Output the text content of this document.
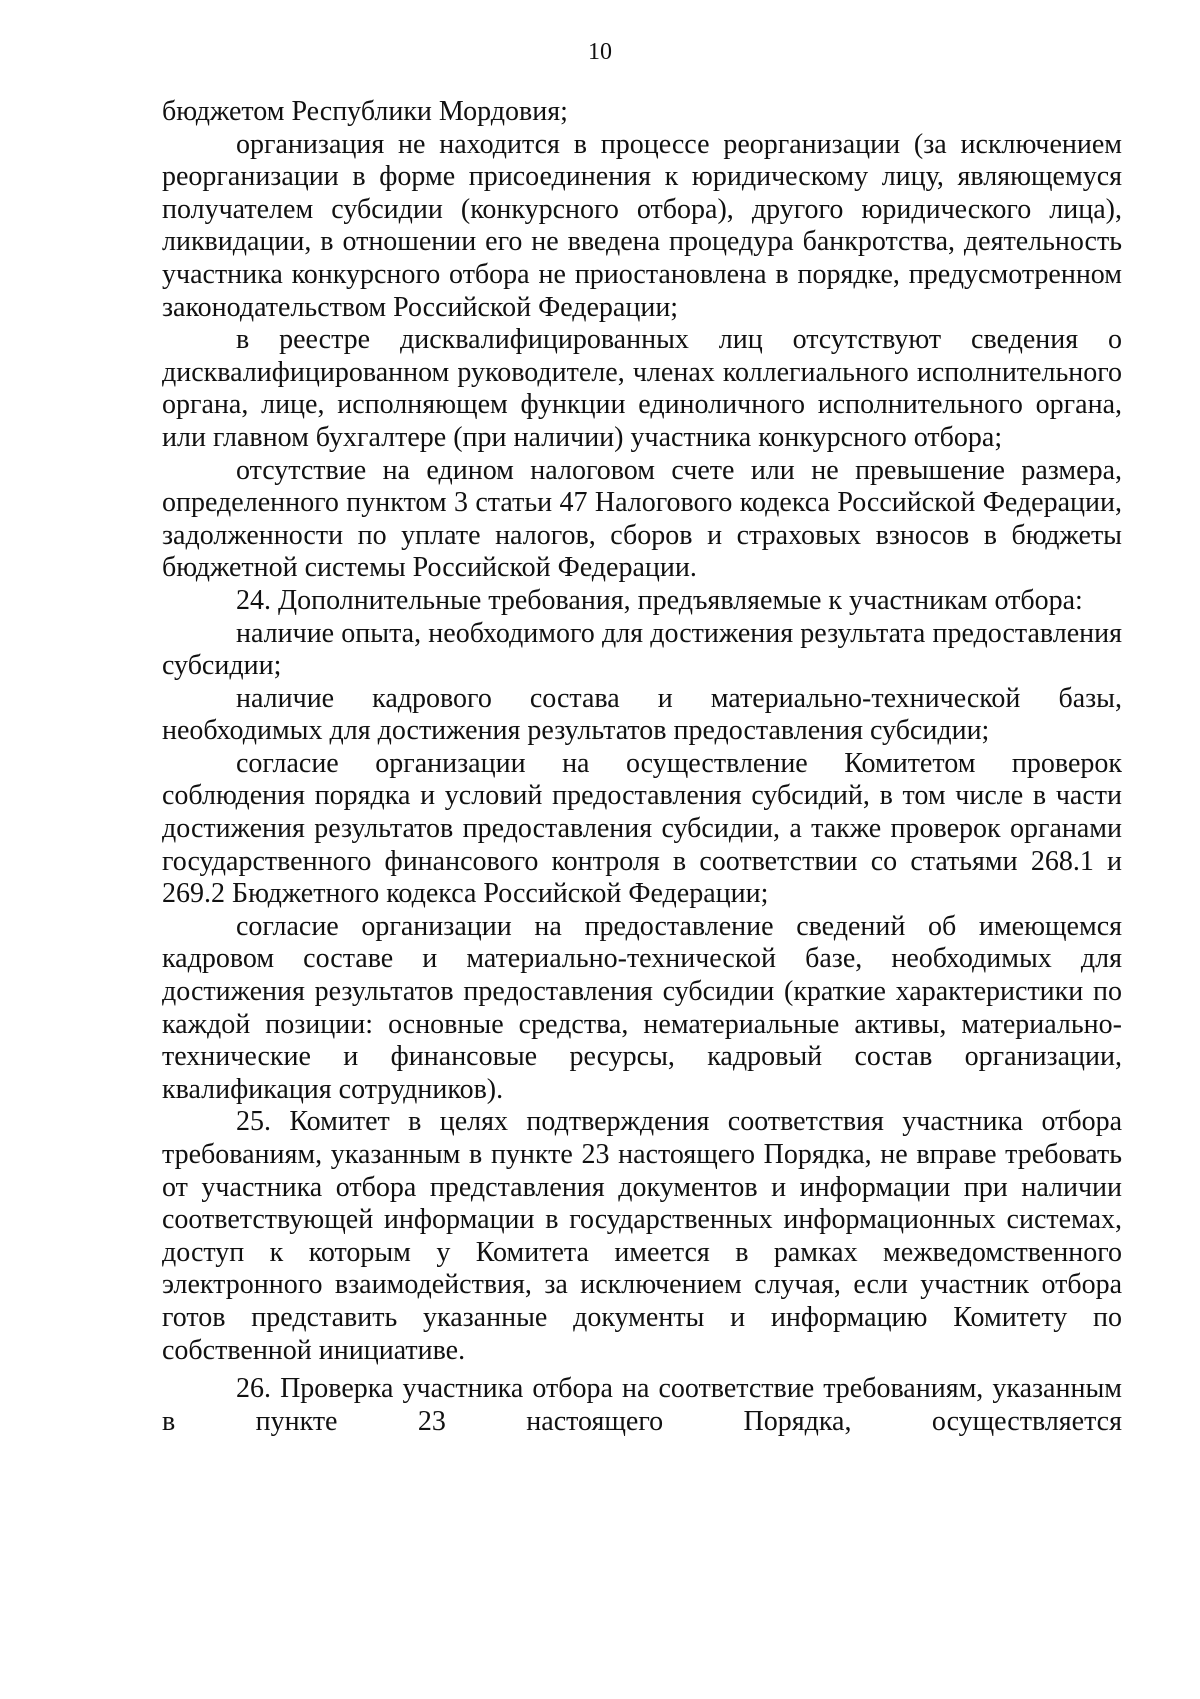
10

бюджетом Республики Мордовия;

организация не находится в процессе реорганизации (за исключением реорганизации в форме присоединения к юридическому лицу, являющемуся получателем субсидии (конкурсного отбора), другого юридического лица), ликвидации, в отношении его не введена процедура банкротства, деятельность участника конкурсного отбора не приостановлена в порядке, предусмотренном законодательством Российской Федерации;

в реестре дисквалифицированных лиц отсутствуют сведения о дисквалифицированном руководителе, членах коллегиального исполнительного органа, лице, исполняющем функции единоличного исполнительного органа, или главном бухгалтере (при наличии) участника конкурсного отбора;

отсутствие на едином налоговом счете или не превышение размера, определенного пунктом 3 статьи 47 Налогового кодекса Российской Федерации, задолженности по уплате налогов, сборов и страховых взносов в бюджеты бюджетной системы Российской Федерации.

24. Дополнительные требования, предъявляемые к участникам отбора:

наличие опыта, необходимого для достижения результата предоставления субсидии;

наличие кадрового состава и материально-технической базы, необходимых для достижения результатов предоставления субсидии;

согласие организации на осуществление Комитетом проверок соблюдения порядка и условий предоставления субсидий, в том числе в части достижения результатов предоставления субсидии, а также проверок органами государственного финансового контроля в соответствии со статьями 268.1 и 269.2 Бюджетного кодекса Российской Федерации;

согласие организации на предоставление сведений об имеющемся кадровом составе и материально-технической базе, необходимых для достижения результатов предоставления субсидии (краткие характеристики по каждой позиции: основные средства, нематериальные активы, материально-технические и финансовые ресурсы, кадровый состав организации, квалификация сотрудников).

25. Комитет в целях подтверждения соответствия участника отбора требованиям, указанным в пункте 23 настоящего Порядка, не вправе требовать от участника отбора представления документов и информации при наличии соответствующей информации в государственных информационных системах, доступ к которым у Комитета имеется в рамках межведомственного электронного взаимодействия, за исключением случая, если участник отбора готов представить указанные документы и информацию Комитету по собственной инициативе.

26. Проверка участника отбора на соответствие требованиям, указанным в пункте 23 настоящего Порядка, осуществляется
